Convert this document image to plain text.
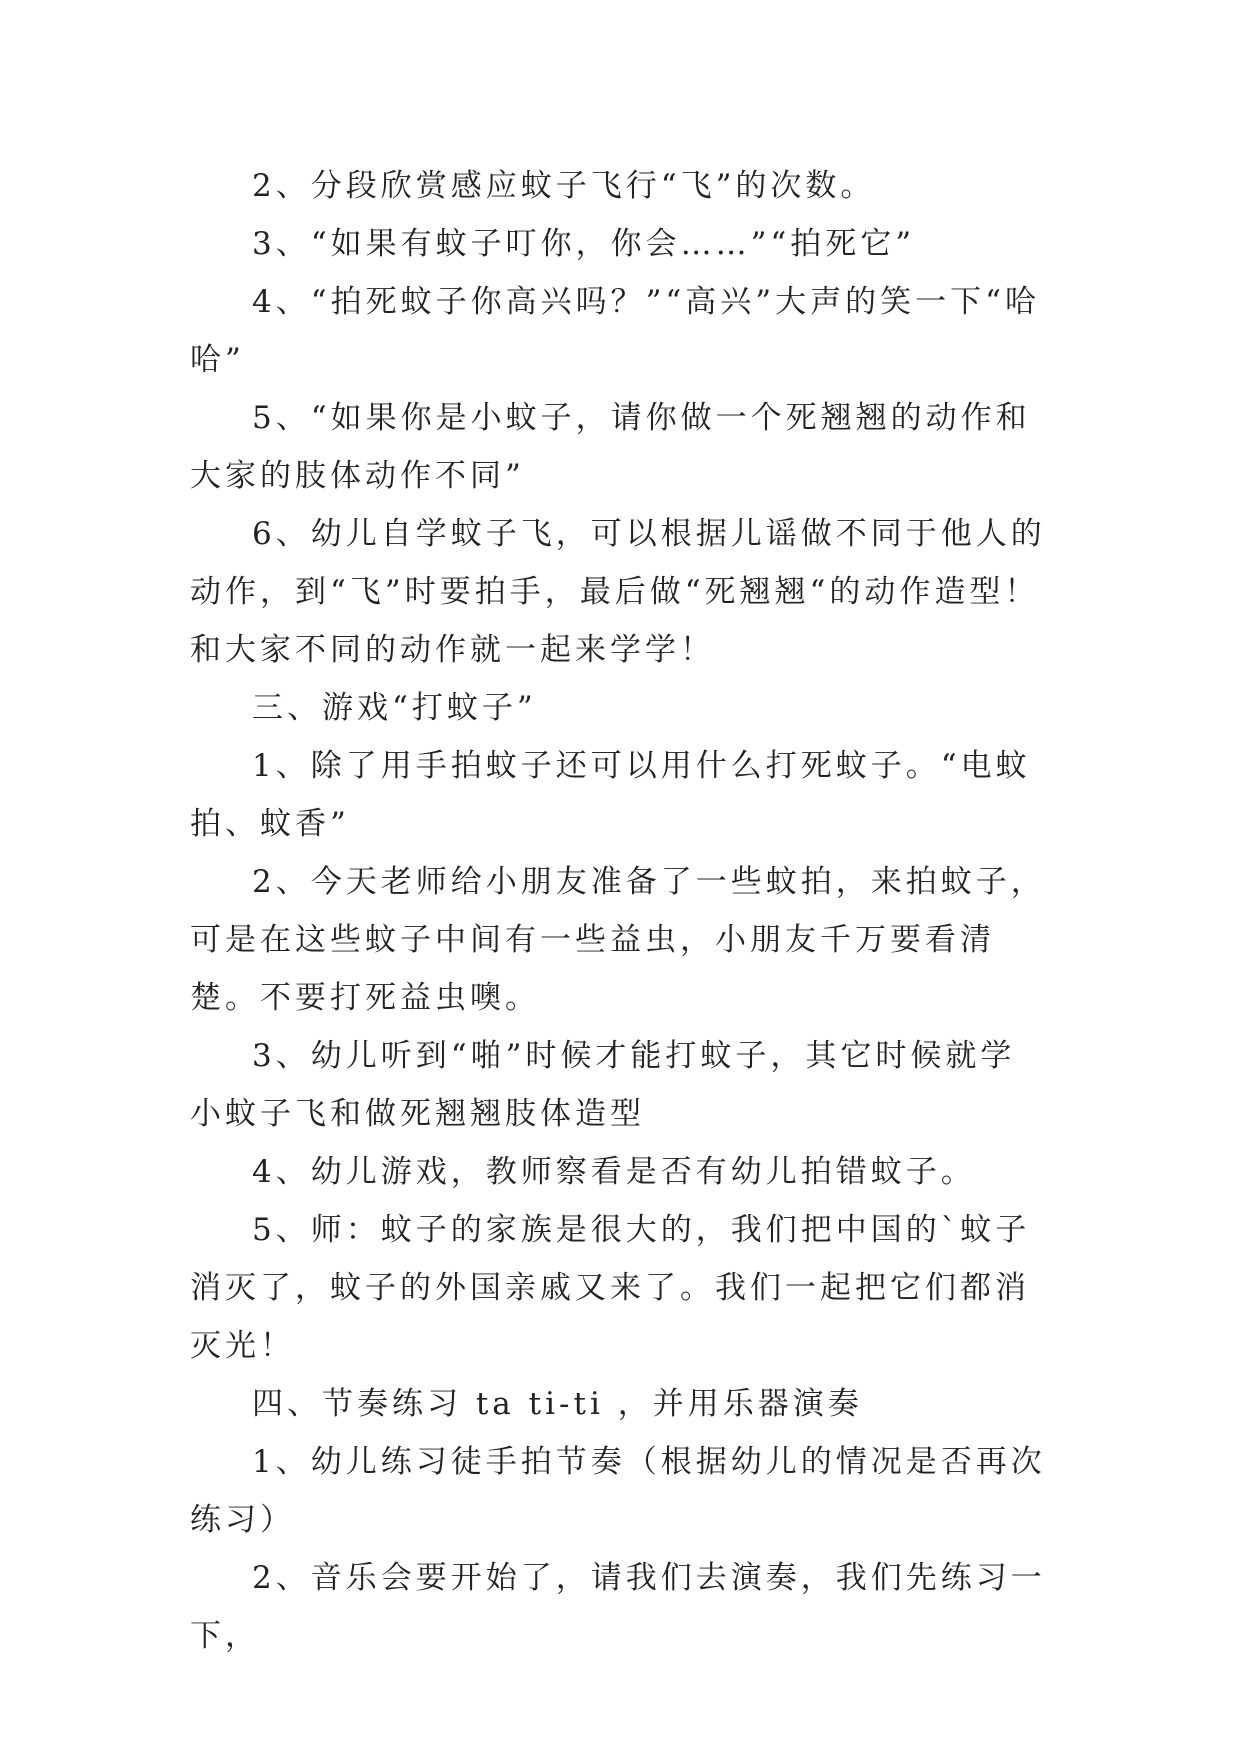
2、分段欣赏感应蚊子飞行“飞”的次数。

3、“如果有蚊子叮你，你会……”“拍死它”

4、“拍死蚊子你高兴吗？”“高兴”大声的笑一下“哈哈”

5、“如果你是小蚊子，请你做一个死翘翘的动作和大家的肢体动作不同”

6、幼儿自学蚊子飞，可以根据儿谣做不同于他人的动作，到“飞”时要拍手，最后做“死翘翘“的动作造型！和大家不同的动作就一起来学学！

三、游戏“打蚊子”

1、除了用手拍蚊子还可以用什么打死蚊子。“电蚊拍、蚊香”

2、今天老师给小朋友准备了一些蚊拍，来拍蚊子，可是在这些蚊子中间有一些益虫，小朋友千万要看清楚。不要打死益虫噢。

3、幼儿听到“啪”时候才能打蚊子，其它时候就学小蚊子飞和做死翘翘肢体造型

4、幼儿游戏，教师察看是否有幼儿拍错蚊子。

5、师：蚊子的家族是很大的，我们把中国的`蚊子消灭了，蚊子的外国亲戚又来了。我们一起把它们都消灭光！

四、节奏练习 ta ti-ti ，并用乐器演奏

1、幼儿练习徒手拍节奏（根据幼儿的情况是否再次练习）

2、音乐会要开始了，请我们去演奏，我们先练习一下，
